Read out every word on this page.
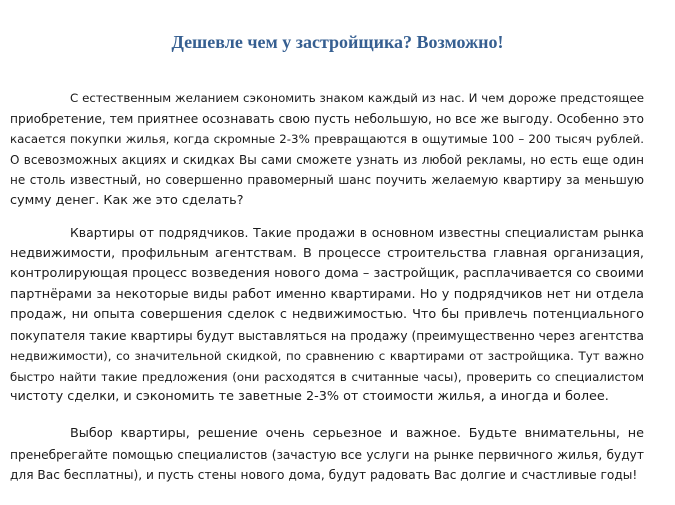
Дешевле чем у застройщика? Возможно!
С естественным желанием сэкономить знаком каждый из нас. И чем дороже предстоящее
приобретение, тем приятнее осознавать свою пусть небольшую, но все же выгоду. Особенно это
касается покупки жилья, когда скромные 2-3% превращаются в ощутимые 100 – 200 тысяч рублей.
О всевозможных акциях и скидках Вы сами сможете узнать из любой рекламы, но есть еще один
не столь известный, но совершенно правомерный шанс поучить желаемую квартиру за меньшую
сумму денег. Как же это сделать?
Квартиры от подрядчиков. Такие продажи в основном известны специалистам рынка
недвижимости, профильным агентствам. В процессе строительства главная организация,
контролирующая процесс возведения нового дома – застройщик, расплачивается со своими
партнёрами за некоторые виды работ именно квартирами. Но у подрядчиков нет ни отдела
продаж, ни опыта совершения сделок с недвижимостью. Что бы привлечь потенциального
покупателя такие квартиры будут выставляться на продажу (преимущественно через агентства
недвижимости), со значительной скидкой, по сравнению с квартирами от застройщика. Тут важно
быстро найти такие предложения (они расходятся в считанные часы), проверить со специалистом
чистоту сделки, и сэкономить те заветные 2-3% от стоимости жилья, а иногда и более.
Выбор квартиры, решение очень серьезное и важное. Будьте внимательны, не
пренебрегайте помощью специалистов (зачастую все услуги на рынке первичного жилья, будут
для Вас бесплатны), и пусть стены нового дома, будут радовать Вас долгие и счастливые годы!
